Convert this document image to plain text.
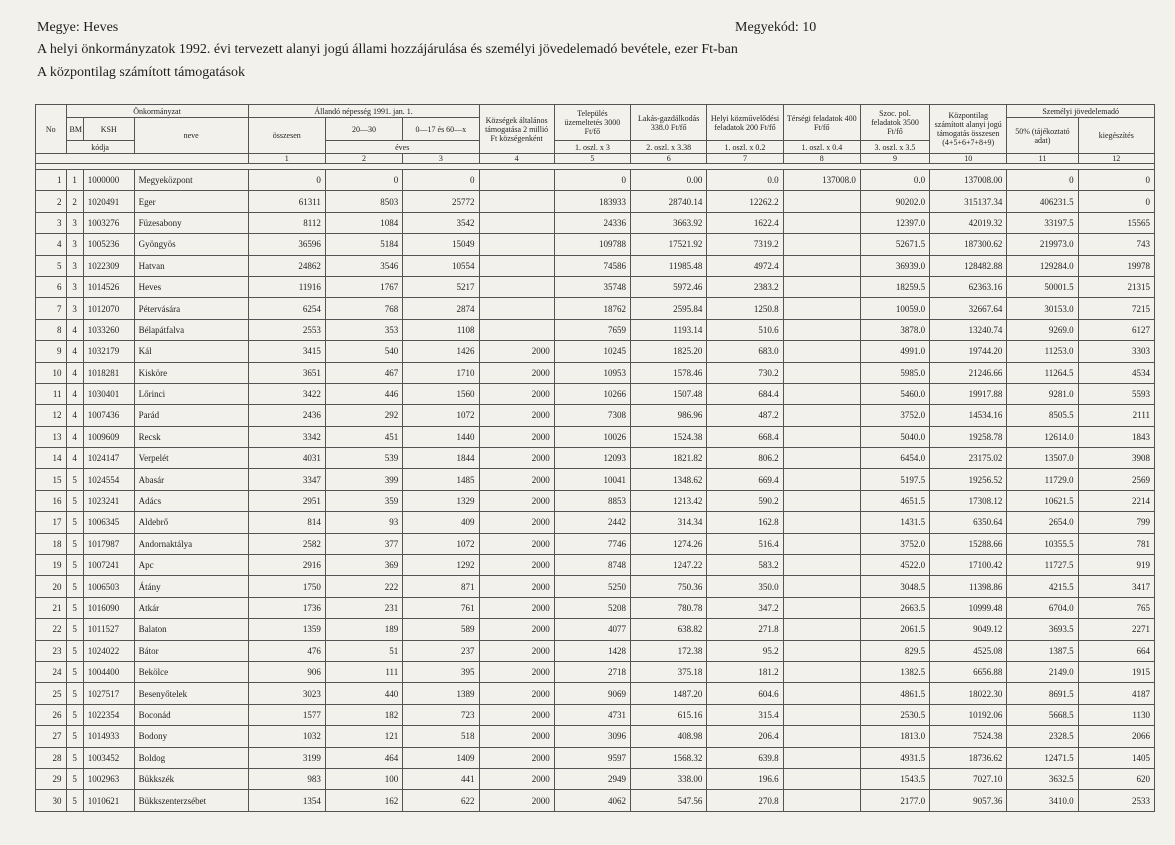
Megye: Heves	Megyekód: 10
A helyi önkormányzatok 1992. évi tervezett alanyi jogú állami hozzájárulása és személyi jövedelemadó bevétele, ezer Ft-ban
A központilag számított támogatások
No	Önkormányzat			Állandó népesség 1991. jan. 1.			Községek általános támogatása 2 millió Ft községenként	Település üzemeltetés 3000 Ft/fő	Lakás-gazdálkodás 338.0 Ft/fő	Helyi közművelődési feladatok 200 Ft/fő	Térségi feladatok 400 Ft/fő	Szoc. pol. feladatok 3500 Ft/fő	Központilag számított alanyi jogú támogatás összesen (4+5+6+7+8+9)	Személyi jövedelemadó	
	BM	KSH	neve	összesen	20—30	0—17 és 60—x								50% (tájékoztató adat)	kiegészítés
	kódja				éves			1. oszl. x 3	2. oszl. x 3.38	1. oszl. x 0.2	1. oszl. x 0.4	3. oszl. x 3.5			
				1	2	3	4	5	6	7	8	9	10	11	12

1	1	1000000	Megyeközpont	0	0	0		0	0.00	0.0	137008.0	0.0	137008.00	0	0
2	2	1020491	Eger	61311	8503	25772		183933	28740.14	12262.2		90202.0	315137.34	406231.5	0
3	3	1003276	Füzesabony	8112	1084	3542		24336	3663.92	1622.4		12397.0	42019.32	33197.5	15565
4	3	1005236	Gyöngyös	36596	5184	15049		109788	17521.92	7319.2		52671.5	187300.62	219973.0	743
5	3	1022309	Hatvan	24862	3546	10554		74586	11985.48	4972.4		36939.0	128482.88	129284.0	19978
6	3	1014526	Heves	11916	1767	5217		35748	5972.46	2383.2		18259.5	62363.16	50001.5	21315
7	3	1012070	Pétervására	6254	768	2874		18762	2595.84	1250.8		10059.0	32667.64	30153.0	7215
8	4	1033260	Bélapátfalva	2553	353	1108		7659	1193.14	510.6		3878.0	13240.74	9269.0	6127
9	4	1032179	Kál	3415	540	1426	2000	10245	1825.20	683.0		4991.0	19744.20	11253.0	3303
10	4	1018281	Kisköre	3651	467	1710	2000	10953	1578.46	730.2		5985.0	21246.66	11264.5	4534
11	4	1030401	Lőrinci	3422	446	1560	2000	10266	1507.48	684.4		5460.0	19917.88	9281.0	5593
12	4	1007436	Parád	2436	292	1072	2000	7308	986.96	487.2		3752.0	14534.16	8505.5	2111
13	4	1009609	Recsk	3342	451	1440	2000	10026	1524.38	668.4		5040.0	19258.78	12614.0	1843
14	4	1024147	Verpelét	4031	539	1844	2000	12093	1821.82	806.2		6454.0	23175.02	13507.0	3908
15	5	1024554	Abasár	3347	399	1485	2000	10041	1348.62	669.4		5197.5	19256.52	11729.0	2569
16	5	1023241	Adács	2951	359	1329	2000	8853	1213.42	590.2		4651.5	17308.12	10621.5	2214
17	5	1006345	Aldebrő	814	93	409	2000	2442	314.34	162.8		1431.5	6350.64	2654.0	799
18	5	1017987	Andornaktálya	2582	377	1072	2000	7746	1274.26	516.4		3752.0	15288.66	10355.5	781
19	5	1007241	Apc	2916	369	1292	2000	8748	1247.22	583.2		4522.0	17100.42	11727.5	919
20	5	1006503	Átány	1750	222	871	2000	5250	750.36	350.0		3048.5	11398.86	4215.5	3417
21	5	1016090	Atkár	1736	231	761	2000	5208	780.78	347.2		2663.5	10999.48	6704.0	765
22	5	1011527	Balaton	1359	189	589	2000	4077	638.82	271.8		2061.5	9049.12	3693.5	2271
23	5	1024022	Bátor	476	51	237	2000	1428	172.38	95.2		829.5	4525.08	1387.5	664
24	5	1004400	Bekölce	906	111	395	2000	2718	375.18	181.2		1382.5	6656.88	2149.0	1915
25	5	1027517	Besenyőtelek	3023	440	1389	2000	9069	1487.20	604.6		4861.5	18022.30	8691.5	4187
26	5	1022354	Boconád	1577	182	723	2000	4731	615.16	315.4		2530.5	10192.06	5668.5	1130
27	5	1014933	Bodony	1032	121	518	2000	3096	408.98	206.4		1813.0	7524.38	2328.5	2066
28	5	1003452	Boldog	3199	464	1409	2000	9597	1568.32	639.8		4931.5	18736.62	12471.5	1405
29	5	1002963	Bükkszék	983	100	441	2000	2949	338.00	196.6		1543.5	7027.10	3632.5	620
30	5	1010621	Bükkszenterzsébet	1354	162	622	2000	4062	547.56	270.8		2177.0	9057.36	3410.0	2533
